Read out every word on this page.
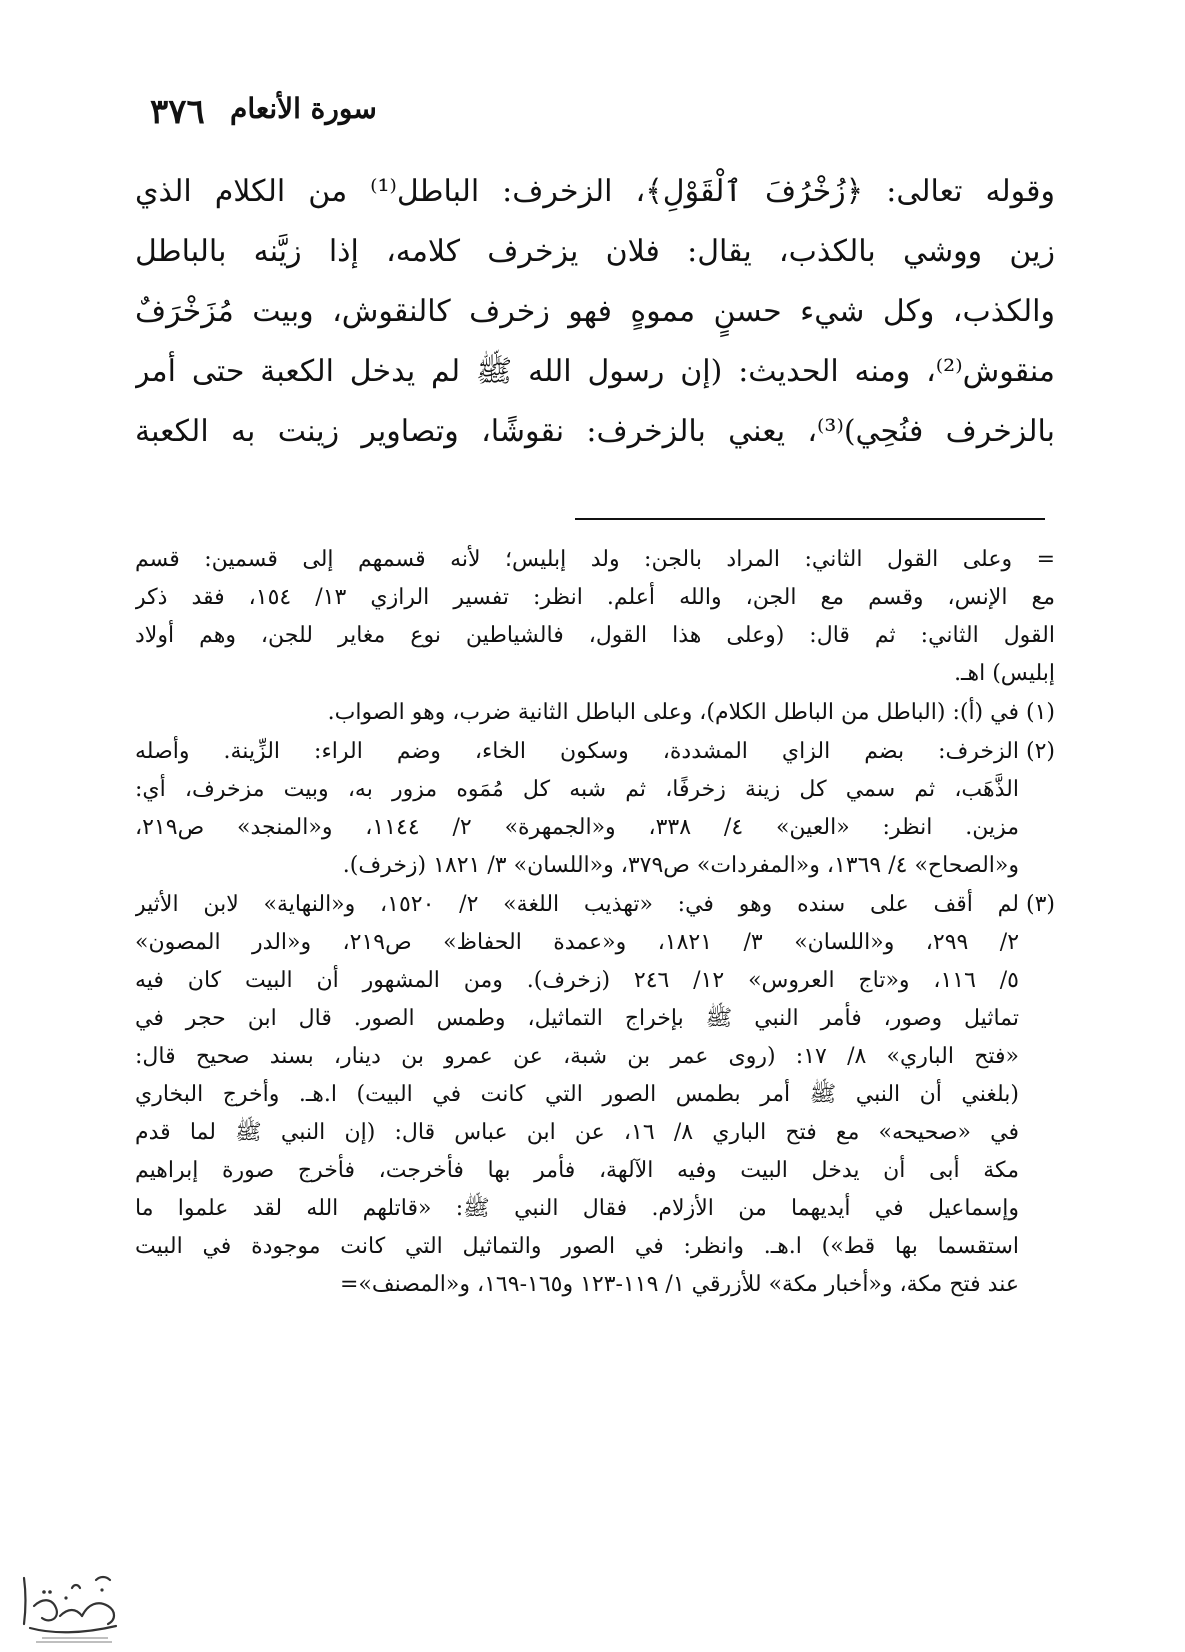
٣٧٦ سورة الأنعام
وقوله تعالى: ﴿زُخْرُفَ ٱلْقَوْلِ﴾، الزخرف: الباطل⁽¹⁾ من الكلام الذي
زين ووشي بالكذب، يقال: فلان يزخرف كلامه، إذا زيَّنه بالباطل
والكذب، وكل شيء حسنٍ مموهٍ فهو زخرف كالنقوش، وبيت مُزَخْرَفٌ
منقوش⁽²⁾، ومنه الحديث: (إن رسول الله ﷺ لم يدخل الكعبة حتى أمر
بالزخرف فنُحِي)⁽³⁾، يعني بالزخرف: نقوشًا، وتصاوير زينت به الكعبة
= وعلى القول الثاني: المراد بالجن: ولد إبليس؛ لأنه قسمهم إلى قسمين: قسم
مع الإنس، وقسم مع الجن، والله أعلم. انظر: تفسير الرازي ١٣/ ١٥٤، فقد ذكر
القول الثاني: ثم قال: (وعلى هذا القول، فالشياطين نوع مغاير للجن، وهم أولاد
إبليس) اهـ.
(١)
في (أ): (الباطل من الباطل الكلام)، وعلى الباطل الثانية ضرب، وهو الصواب.
(٢)
الزخرف: بضم الزاي المشددة، وسكون الخاء، وضم الراء: الزِّينة. وأصله
الذَّهَب، ثم سمي كل زينة زخرفًا، ثم شبه كل مُمَوه مزور به، وبيت مزخرف، أي:
مزين. انظر: «العين» ٤/ ٣٣٨، و«الجمهرة» ٢/ ١١٤٤، و«المنجد» ص٢١٩،
و«الصحاح» ٤/ ١٣٦٩، و«المفردات» ص٣٧٩، و«اللسان» ٣/ ١٨٢١ (زخرف).
(٣)
لم أقف على سنده وهو في: «تهذيب اللغة» ٢/ ١٥٢٠، و«النهاية» لابن الأثير
٢/ ٢٩٩، و«اللسان» ٣/ ١٨٢١، و«عمدة الحفاظ» ص٢١٩، و«الدر المصون»
٥/ ١١٦، و«تاج العروس» ١٢/ ٢٤٦ (زخرف). ومن المشهور أن البيت كان فيه
تماثيل وصور، فأمر النبي ﷺ بإخراج التماثيل، وطمس الصور. قال ابن حجر في
«فتح الباري» ٨/ ١٧: (روى عمر بن شبة، عن عمرو بن دينار، بسند صحيح قال:
(بلغني أن النبي ﷺ أمر بطمس الصور التي كانت في البيت) ا.هـ. وأخرج البخاري
في «صحيحه» مع فتح الباري ٨/ ١٦، عن ابن عباس قال: (إن النبي ﷺ لما قدم
مكة أبى أن يدخل البيت وفيه الآلهة، فأمر بها فأخرجت، فأخرج صورة إبراهيم
وإسماعيل في أيديهما من الأزلام. فقال النبي ﷺ: «قاتلهم الله لقد علموا ما
استقسما بها قط») ا.هـ. وانظر: في الصور والتماثيل التي كانت موجودة في البيت
عند فتح مكة، و«أخبار مكة» للأزرقي ١/ ١١٩-١٢٣ و١٦٥-١٦٩، و«المصنف»=
